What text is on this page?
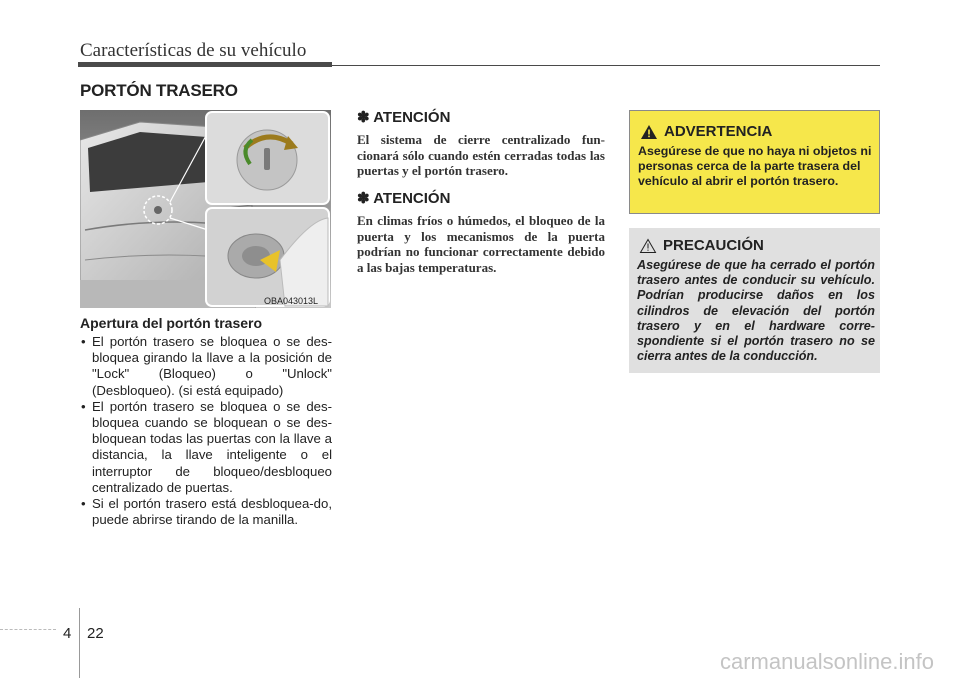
Características de su vehículo
PORTÓN TRASERO
OBA043013L
Apertura del portón trasero
• El portón trasero se bloquea o se des-bloquea girando la llave a la posición de "Lock" (Bloqueo) o "Unlock" (Desbloqueo). (si está equipado)
• El portón trasero se bloquea o se des-bloquea cuando se bloquean o se des-bloquean todas las puertas con la llave a distancia, la llave inteligente o el interruptor de bloqueo/desbloqueo centralizado de puertas.
• Si el portón trasero está desbloquea-do, puede abrirse tirando de la manilla.
✽ ATENCIÓN

El sistema de cierre centralizado fun-cionará sólo cuando estén cerradas todas las puertas y el portón trasero.

✽ ATENCIÓN

En climas fríos o húmedos, el bloqueo de la puerta y los mecanismos de la puerta podrían no funcionar correctamente debido a las bajas temperaturas.

ADVERTENCIA
Asegúrese de que no haya ni objetos ni personas cerca de la parte trasera del vehículo al abrir el portón trasero.
PRECAUCIÓN
Asegúrese de que ha cerrado el portón trasero antes de conducir su vehículo. Podrían producirse daños en los cilindros de elevación del portón trasero y en el hardware corre-spondiente si el portón trasero no se cierra antes de la conducción.
4 22
carmanualsonline.info
